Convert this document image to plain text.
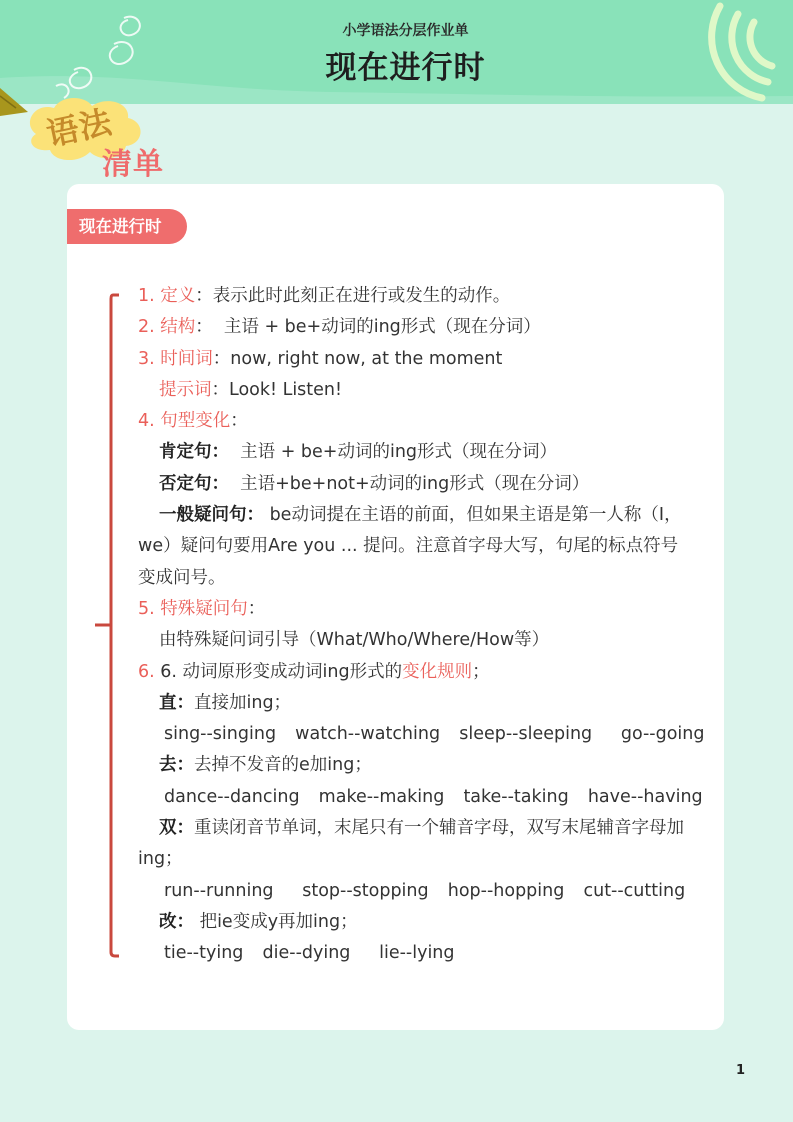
小学语法分层作业单
现在进行时
语法
清单
现在进行时
1. 定义：表示此时此刻正在进行或发生的动作。
2. 结构：  主语 + be+动词的ing形式（现在分词）
3. 时间词：now, right now, at the moment
提示词：Look! Listen!
4. 句型变化：
肯定句：  主语 + be+动词的ing形式（现在分词）
否定句：  主语+be+not+动词的ing形式（现在分词）
一般疑问句： be动词提在主语的前面，但如果主语是第一人称（I，we）疑问句要用Are you ... 提问。注意首字母大写，句尾的标点符号变成问号。
5. 特殊疑问句：
由特殊疑问词引导（What/Who/Where/How等）
6. 6. 动词原形变成动词ing形式的变化规则；
直：直接加ing；
sing--singing  watch--watching  sleep--sleeping   go--going
去：去掉不发音的e加ing；
dance--dancing  make--making  take--taking  have--having
双：重读闭音节单词，末尾只有一个辅音字母，双写末尾辅音字母加ing；
run--running   stop--stopping  hop--hopping  cut--cutting
改： 把ie变成y再加ing；
tie--tying  die--dying   lie--lying
1
